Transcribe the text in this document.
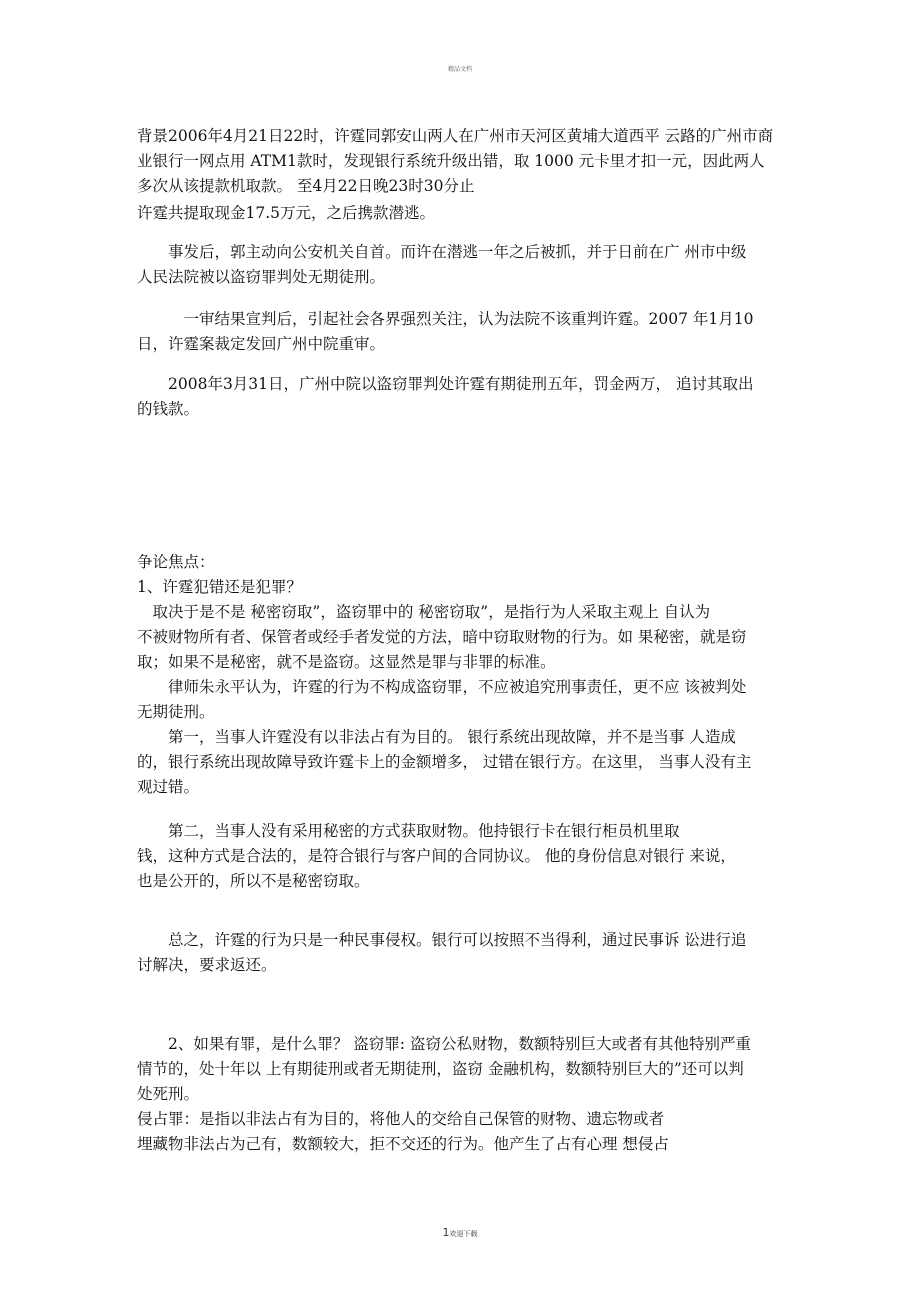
精品文档
背景2006年4月21日22时，许霆同郭安山两人在广州市天河区黄埔大道西平 云路的广州市商
业银行一网点用 ATM1款时，发现银行系统升级出错，取 1000 元卡里才扣一元，因此两人
多次从该提款机取款。 至4月22日晚23时30分止
许霆共提取现金17.5万元，之后携款潜逃。
　　事发后，郭主动向公安机关自首。而许在潜逃一年之后被抓，并于日前在广 州市中级
人民法院被以盗窃罪判处无期徒刑。
　　　一审结果宣判后，引起社会各界强烈关注，认为法院不该重判许霆。2007 年1月10
日，许霆案裁定发回广州中院重审。
　　2008年3月31日，广州中院以盗窃罪判处许霆有期徒刑五年，罚金两万， 追讨其取出
的钱款。
争论焦点：
1、许霆犯错还是犯罪？
　取决于是不是 秘密窃取”，盗窃罪中的 秘密窃取”，是指行为人采取主观上 自认为
不被财物所有者、保管者或经手者发觉的方法，暗中窃取财物的行为。如 果秘密，就是窃
取；如果不是秘密，就不是盗窃。这显然是罪与非罪的标准。
　　律师朱永平认为，许霆的行为不构成盗窃罪，不应被追究刑事责任，更不应 该被判处
无期徒刑。
　　第一，当事人许霆没有以非法占有为目的。 银行系统出现故障，并不是当事 人造成
的，银行系统出现故障导致许霆卡上的金额增多， 过错在银行方。在这里， 当事人没有主
观过错。
　　第二，当事人没有采用秘密的方式获取财物。他持银行卡在银行柜员机里取
钱，这种方式是合法的，是符合银行与客户间的合同协议。 他的身份信息对银行 来说，
也是公开的，所以不是秘密窃取。
　　总之，许霆的行为只是一种民事侵权。银行可以按照不当得利，通过民事诉 讼进行追
讨解决，要求返还。
　　2、如果有罪，是什么罪？ 盗窃罪: 盗窃公私财物，数额特别巨大或者有其他特别严重
情节的，处十年以 上有期徒刑或者无期徒刑，盗窃 金融机构，数额特别巨大的”还可以判
处死刑。
侵占罪：是指以非法占有为目的，将他人的交给自己保管的财物、遗忘物或者
埋藏物非法占为己有，数额较大，拒不交还的行为。他产生了占有心理 想侵占
1欢迎下载
